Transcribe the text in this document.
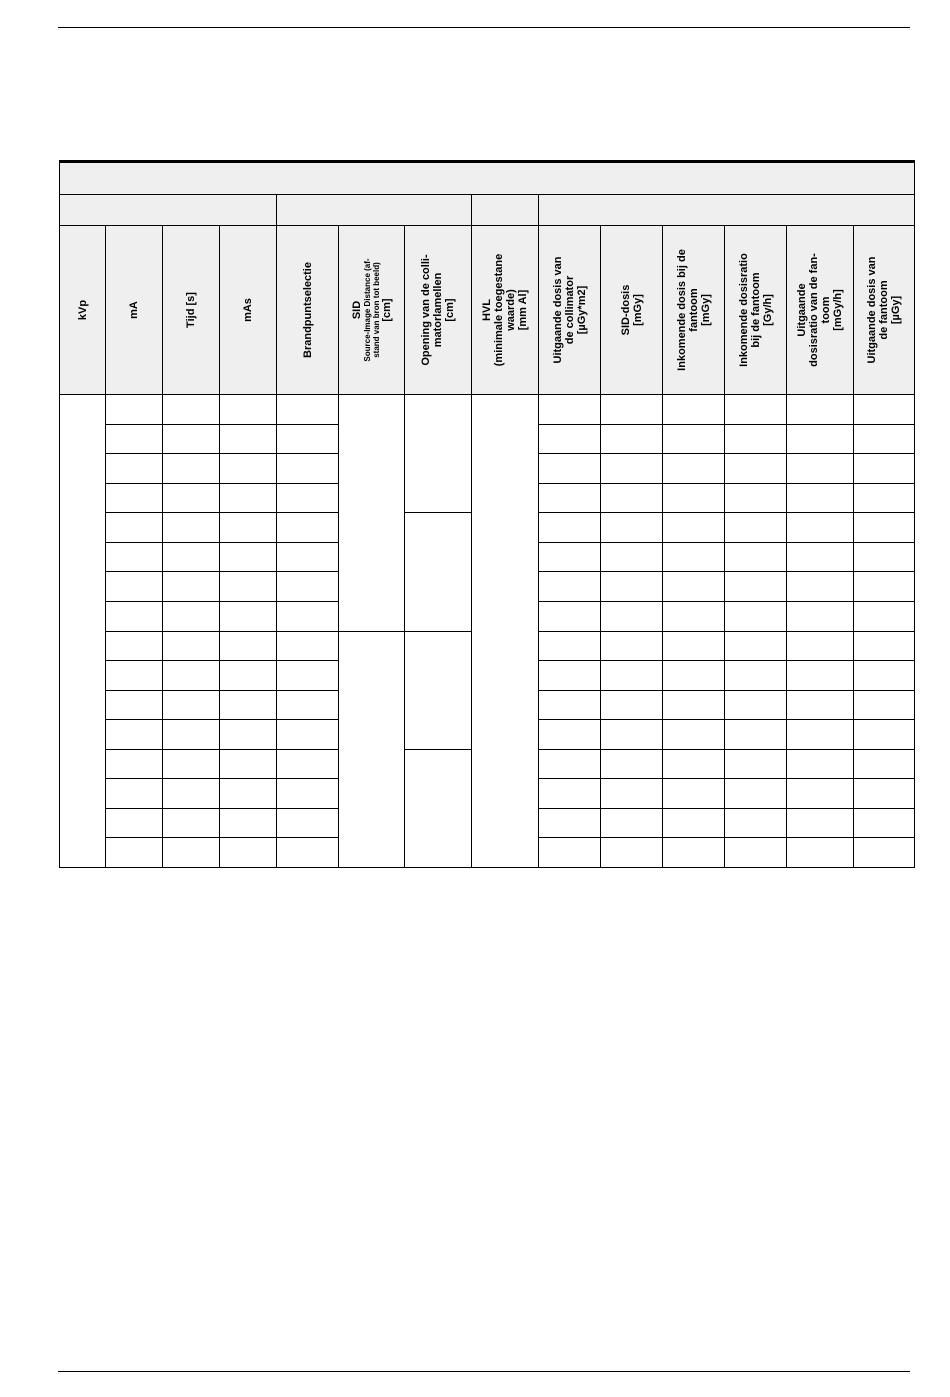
kVp	mA	Tijd [s]	mAs	Brandpuntselectie	SID Source-Image Distance (af- stand van bron tot beeld) [cm]	Opening van de colli- matorlamellen [cm]	HVL (minimale toegestane waarde) [mm Al]	Uitgaande dosis van de collimator [µGy*m2]	SID-dosis [mGy]	Inkomende dosis bij de fantoom [mGy]	Inkomende dosisratio bij de fantoom [Gy/h]	Uitgaande dosisratio van de fan- toom [mGy/h]	Uitgaande dosis van de fantoom [µGy]
